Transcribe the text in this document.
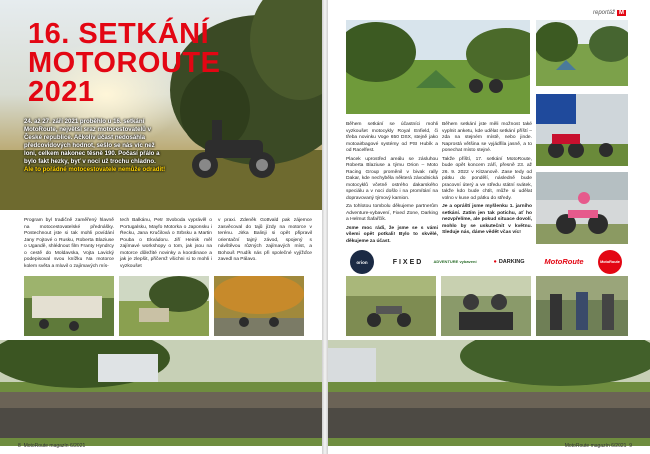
16. SETKÁNÍ
MOTOROUTE
2021
24. až 27. září 2021 proběhlo u 16. setkání MotoRoute, největší sraz motocestovatelů v České republice. Ačkoliv účast nedosáhla předcovidových hodnot, sešlo se nás víc než loni, celkem nakonec těsně 190. Počasí přálo a bylo fakt hezky, byť v noci už trochu chladno. Ale to pořádné motocestovatele nemůže odradit!

Program byl tradičně zaměřený hlavně na motocestovatelské přednášky. Postechnout jste si tak mohli povídání Jany Fojtové o Rusku, Roberta Blaziuse o Ugandě, shlédnout film Franty Hyndrcy o cestě do Moldavska, Vojta Lavický podepisoval svou knížku Na motorce kolem světa a mluvil o zajímavých mís-

tech Balkánu, Petr Svoboda vyprávěl o Portugalsku, Mayfo Motorka o Japonsku i Řecku, Jana Kručilová o Srbsku a Martin Pouba o Ekvádoru. Jiří Heinik měl zajímavé workshopy o tom, jak jsou na motorce důležité novinky a koordinace a jak je zlepšit, přičemž všichni si to mohli i vyzkoušet

v praxi. Zdeněk Gottvald pak zájemce zasvěcoval do tajů jízdy na motorce v terénu. Jirka Balinji si opět připravil orientační tajný závod, spojený s návštěvou různých zajímavých míst, a Bohouš Prudík nás při společné vyjížďce zavedl na Pálavo.

reportáž M

Během setkání se účastníci mohli vyzkoušet motocykly Royal Enfield, či třeba novinku Voge 650 DSX, stejně jako motoairbagové systémy od PSI Hubík a od Racelfest.

Placek uprostřed areálu se zásluhou Roberta Blaziuse a týmu Orion – Moto Racing Group proměnil v bivak rally Dakar, kde nechyběla některá závodnická motocyklů včetně ostrého dakarského speciálu a v noci došlo i na promítání na dopravovaný týmový kamion.

Za tohlotou tombolu děkujeme partnerům Adventure-vybavení, Fixed Zone, Darking a Helmut Šafařčík.

Jsme moc rádi, že jsme se s vámi všemi opět potkali! Bylo to skvělé, děkujeme za účast.

Během setkání jste měli možnost také vyplnit anketu, kde udělat setkání příští – zda na stejném místě, nebo jinde. Naprostá většina se vyjádřila jasně, a to ponechat místo stejné.

Takže příští, 17. setkání MotoRoute, bude opět koncem září, přesně 23. až 26. 9. 2022 v Kitzanově. Zase tedy od pátku do pondělí, následně bude pracovní úterý a ve středu státní svátek, takže kdo bude chtít, může si udělat volno v kuse od pátku do středy.

Je a opráští jsme myšlenku 1. jarního setkání. Zatím jen tak potichu, ať ho nezvpřelíme, ale pokud situace dovolí, mohlo by se uskutečnit v květnu. Sleduje nás, dáme vědět včas víc!

orion	FIXED	ADVENTURE vybavení	● DARKING	MotoRoute	MotoRoute
8 MotoRoute magazín 6/2021	MotoRoute magazín 6/2021 9
